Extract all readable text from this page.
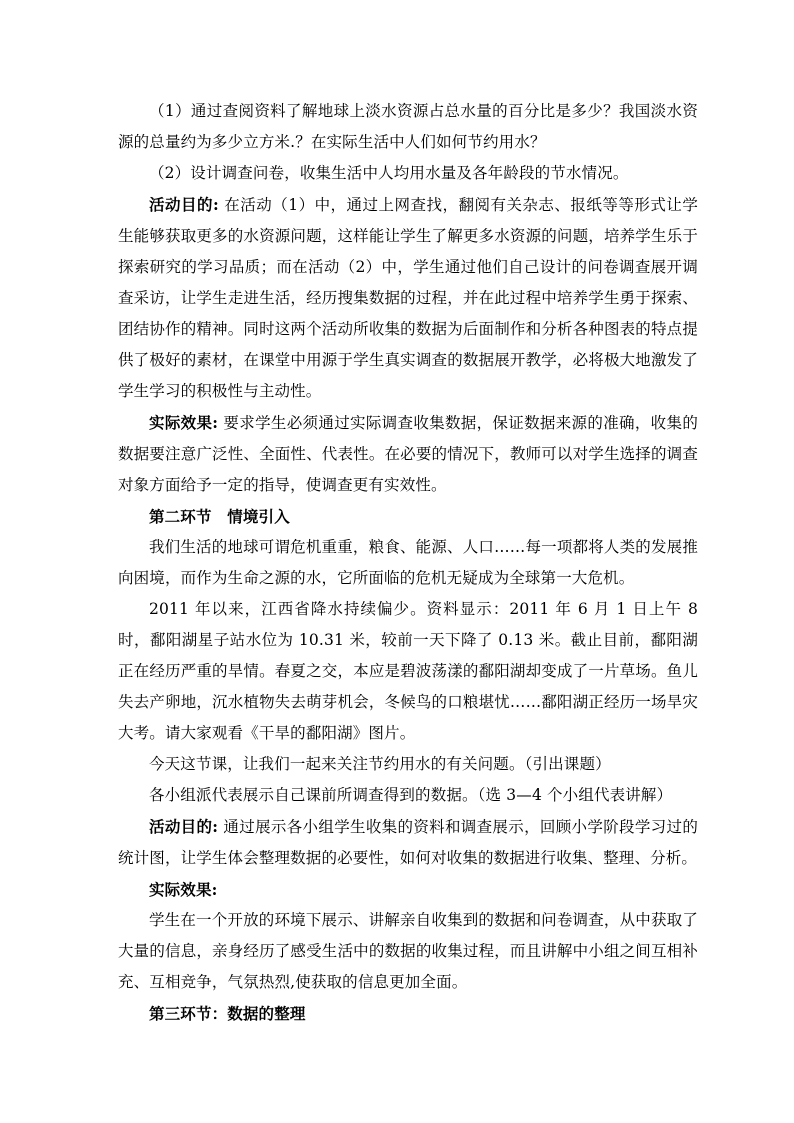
（1）通过查阅资料了解地球上淡水资源占总水量的百分比是多少？我国淡水资源的总量约为多少立方米.？在实际生活中人们如何节约用水？

（2）设计调查问卷，收集生活中人均用水量及各年龄段的节水情况。

活动目的: 在活动（1）中，通过上网查找，翻阅有关杂志、报纸等等形式让学生能够获取更多的水资源问题，这样能让学生了解更多水资源的问题，培养学生乐于探索研究的学习品质；而在活动（2）中，学生通过他们自己设计的问卷调查展开调查采访，让学生走进生活，经历搜集数据的过程，并在此过程中培养学生勇于探索、团结协作的精神。同时这两个活动所收集的数据为后面制作和分析各种图表的特点提供了极好的素材，在课堂中用源于学生真实调查的数据展开教学，必将极大地激发了学生学习的积极性与主动性。

实际效果: 要求学生必须通过实际调查收集数据，保证数据来源的准确，收集的数据要注意广泛性、全面性、代表性。在必要的情况下，教师可以对学生选择的调查对象方面给予一定的指导，使调查更有实效性。

第二环节　情境引入

我们生活的地球可谓危机重重，粮食、能源、人口……每一项都将人类的发展推向困境，而作为生命之源的水，它所面临的危机无疑成为全球第一大危机。

2011 年以来，江西省降水持续偏少。资料显示：2011 年 6 月 1 日上午 8 时，鄱阳湖星子站水位为 10.31 米，较前一天下降了 0.13 米。截止目前，鄱阳湖正在经历严重的旱情。春夏之交，本应是碧波荡漾的鄱阳湖却变成了一片草场。鱼儿失去产卵地，沉水植物失去萌芽机会，冬候鸟的口粮堪忧……鄱阳湖正经历一场旱灾大考。请大家观看《干旱的鄱阳湖》图片。

今天这节课，让我们一起来关注节约用水的有关问题。（引出课题）

各小组派代表展示自己课前所调查得到的数据。（选 3—4 个小组代表讲解）

活动目的: 通过展示各小组学生收集的资料和调查展示，回顾小学阶段学习过的统计图，让学生体会整理数据的必要性，如何对收集的数据进行收集、整理、分析。

实际效果:

学生在一个开放的环境下展示、讲解亲自收集到的数据和问卷调查，从中获取了大量的信息，亲身经历了感受生活中的数据的收集过程，而且讲解中小组之间互相补充、互相竞争，气氛热烈,使获取的信息更加全面。

第三环节：数据的整理
